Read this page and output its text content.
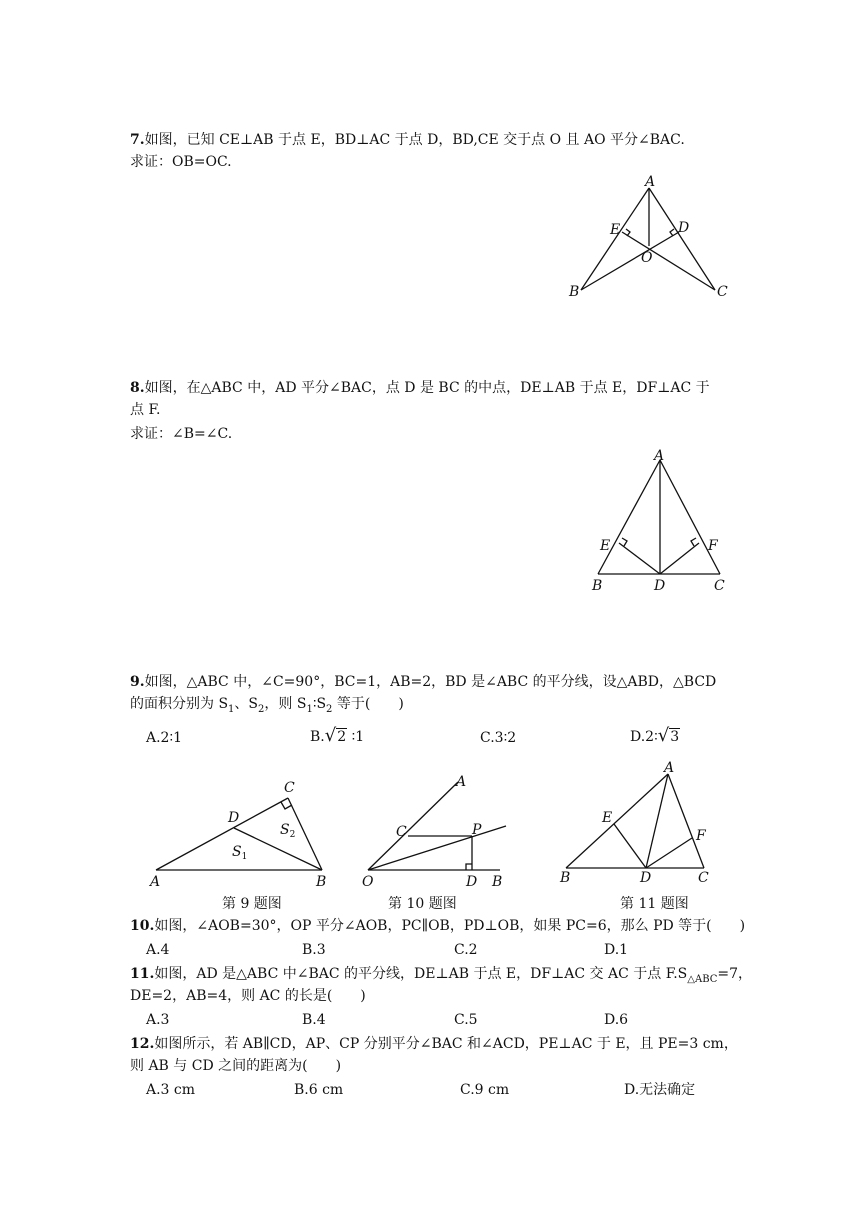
7.如图，已知 CE⊥AB 于点 E，BD⊥AC 于点 D，BD,CE 交于点 O 且 AO 平分∠BAC.
求证：OB=OC.
A
E	D
O
B	C
8.如图，在△ABC 中，AD 平分∠BAC，点 D 是 BC 的中点，DE⊥AB 于点 E，DF⊥AC 于
点 F.
求证：∠B=∠C.
A
E	F
B	D	C
9.如图，△ABC 中，∠C=90°，BC=1，AB=2，BD 是∠ABC 的平分线，设△ABD，△BCD
的面积分别为 $S_1$、$S_2$，则 $S_1∶S_2$ 等于(　　)
A.2∶1	B.√2 ∶1	C.3∶2	D.2∶√3
C
D
$S_2$
$S_1$
A	B
第 9 题图
A
C	P
O	D B
第 10 题图
A
E
F
B	D	C
第 11 题图
10.如图，∠AOB=30°，OP 平分∠AOB，PC∥OB，PD⊥OB，如果 PC=6，那么 PD 等于(　　)
A.4	B.3	C.2	D.1
11.如图，AD 是△ABC 中∠BAC 的平分线，DE⊥AB 于点 E，DF⊥AC 交 AC 于点 $F.S_{\triangle ABC}=7$，
DE=2，AB=4，则 AC 的长是(　　)
A.3	B.4	C.5	D.6
12.如图所示，若 AB∥CD，AP、CP 分别平分∠BAC 和∠ACD，PE⊥AC 于 E，且 PE=3 cm，
则 AB 与 CD 之间的距离为(　　)
A.3 cm	B.6 cm	C.9 cm	D.无法确定
